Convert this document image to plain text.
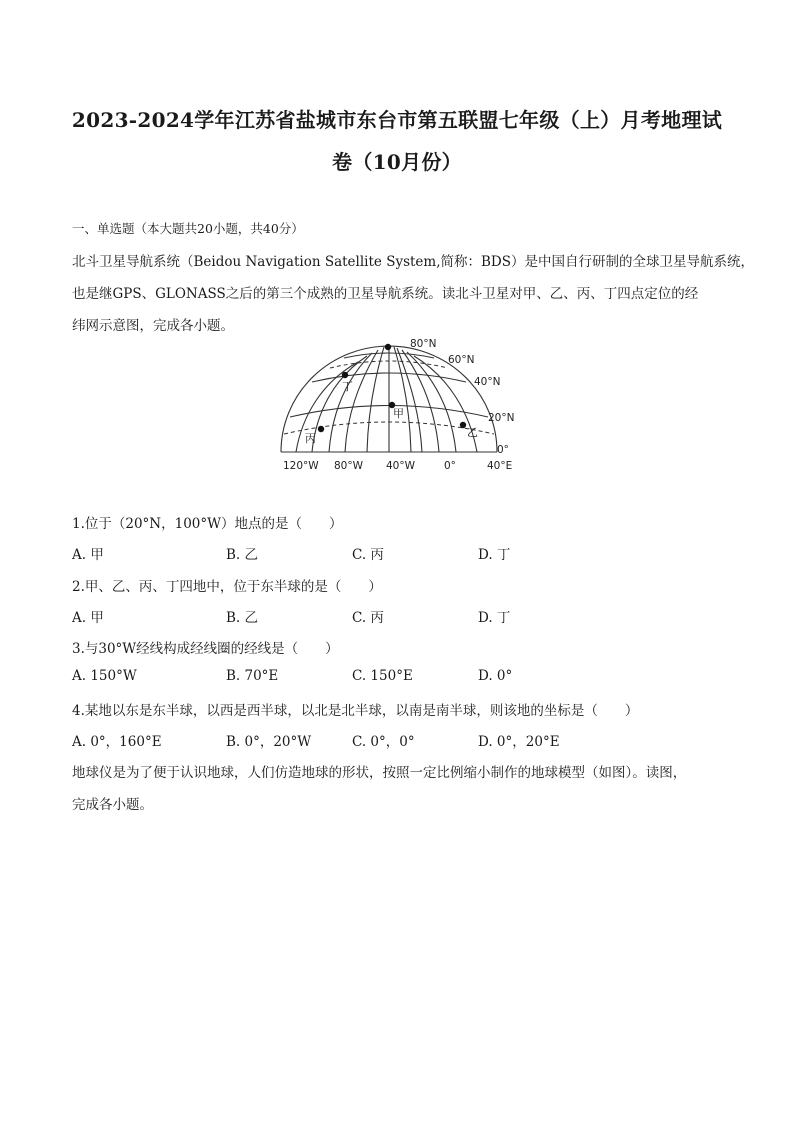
2023-2024学年江苏省盐城市东台市第五联盟七年级（上）月考地理试
卷（10月份）
一、单选题（本大题共20小题，共40分）
北斗卫星导航系统（Beidou Navigation Satellite System,简称：BDS）是中国自行研制的全球卫星导航系统，
也是继GPS、GLONASS之后的第三个成熟的卫星导航系统。读北斗卫星对甲、乙、丙、丁四点定位的经
纬网示意图，完成各小题。
丁
甲
丙	乙
80°N
60°N
40°N
20°N
0°
120°W 80°W 40°W	0°	40°E
1.位于（20°N，100°W）地点的是（　　）
A. 甲	B. 乙	C. 丙	D. 丁
2.甲、乙、丙、丁四地中，位于东半球的是（　　）
A. 甲	B. 乙	C. 丙	D. 丁
3.与30°W经线构成经线圈的经线是（　　）
A. 150°W	B. 70°E	C. 150°E	D. 0°
4.某地以东是东半球，以西是西半球，以北是北半球，以南是南半球，则该地的坐标是（　　）
A. 0°，160°E	B. 0°，20°W	C. 0°，0°	D. 0°，20°E
地球仪是为了便于认识地球，人们仿造地球的形状，按照一定比例缩小制作的地球模型（如图）。读图，
完成各小题。
